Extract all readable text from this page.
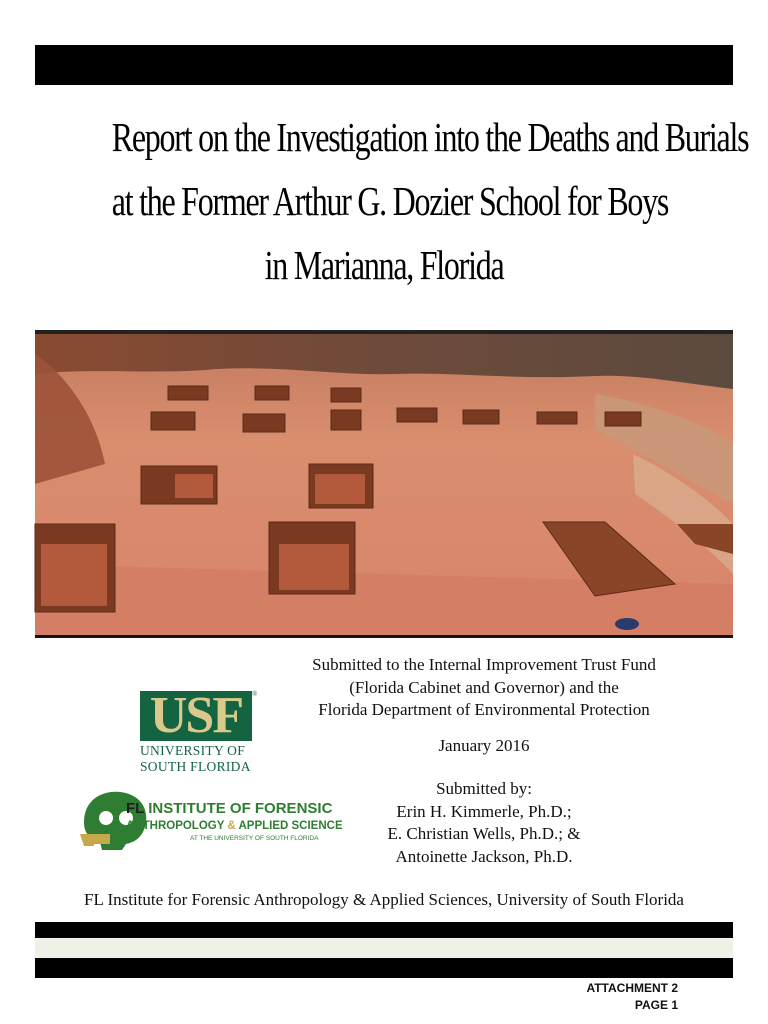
Report on the Investigation into the Deaths and Burials
at the Former Arthur G. Dozier School for Boys
in Marianna, Florida
Submitted to the Internal Improvement Trust Fund
(Florida Cabinet and Governor) and the
Florida Department of Environmental Protection
January 2016
Submitted by:
Erin H. Kimmerle, Ph.D.;
E. Christian Wells, Ph.D.; &
Antoinette Jackson, Ph.D.
USF	®
UNIVERSITY OF
SOUTH FLORIDA
FL INSTITUTE OF FORENSIC
ANTHROPOLOGY & APPLIED SCIENCE
AT THE UNIVERSITY OF SOUTH FLORIDA
FL Institute for Forensic Anthropology & Applied Sciences, University of South Florida
ATTACHMENT 2
PAGE 1
